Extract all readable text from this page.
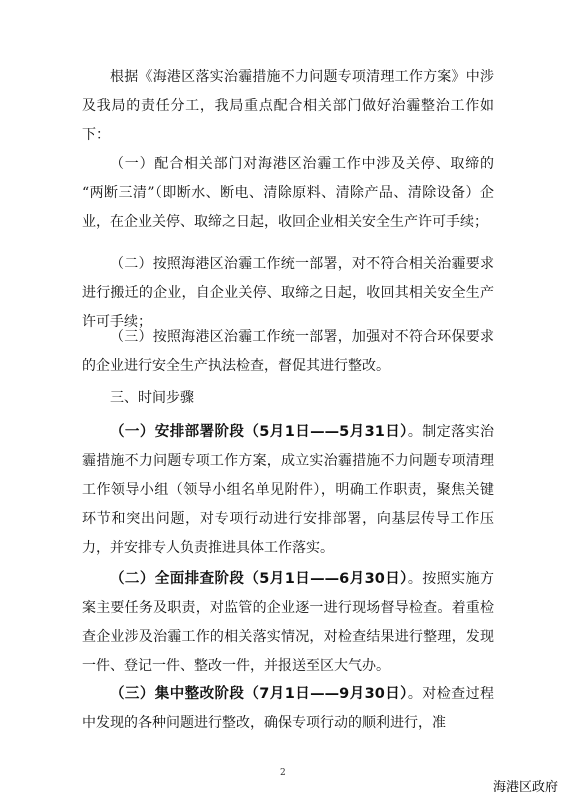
根据《海港区落实治霾措施不力问题专项清理工作方案》中涉及我局的责任分工，我局重点配合相关部门做好治霾整治工作如下：

（一）配合相关部门对海港区治霾工作中涉及关停、取缔的 “两断三清”（即断水、断电、清除原料、清除产品、清除设备）企业，在企业关停、取缔之日起，收回企业相关安全生产许可手续；

（二）按照海港区治霾工作统一部署，对不符合相关治霾要求进行搬迁的企业，自企业关停、取缔之日起，收回其相关安全生产许可手续；

（三）按照海港区治霾工作统一部署，加强对不符合环保要求的企业进行安全生产执法检查，督促其进行整改。

三、时间步骤

（一）安排部署阶段（5月1日——5月31日）。制定落实治霾措施不力问题专项工作方案，成立实治霾措施不力问题专项清理工作领导小组（领导小组名单见附件），明确工作职责，聚焦关键环节和突出问题，对专项行动进行安排部署，向基层传导工作压力，并安排专人负责推进具体工作落实。

（二）全面排查阶段（5月1日——6月30日）。按照实施方案主要任务及职责，对监管的企业逐一进行现场督导检查。着重检查企业涉及治霾工作的相关落实情况，对检查结果进行整理，发现一件、登记一件、整改一件，并报送至区大气办。

（三）集中整改阶段（7月1日——9月30日）。对检查过程中发现的各种问题进行整改，确保专项行动的顺利进行，准

2
海港区政府
